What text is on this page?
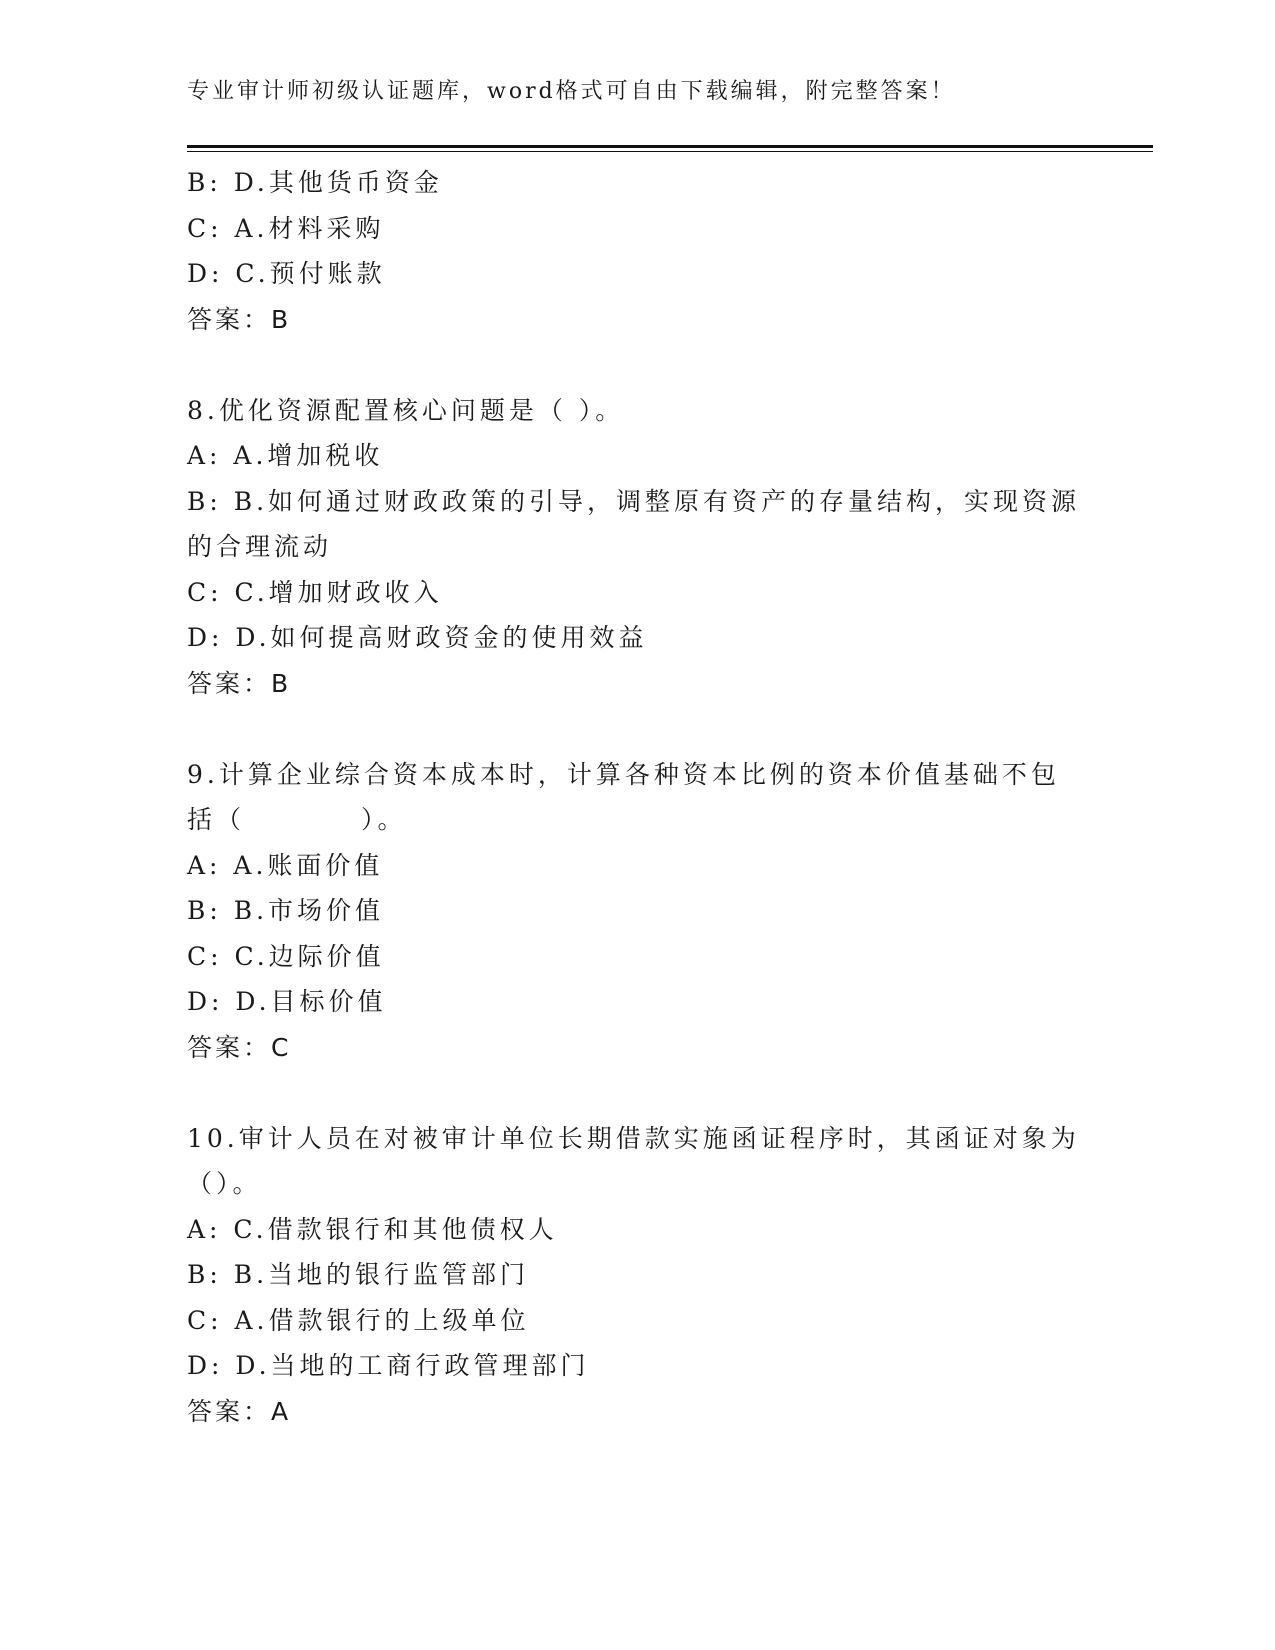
专业审计师初级认证题库，word格式可自由下载编辑，附完整答案！
B: D.其他货币资金
C: A.材料采购
D: C.预付账款
答案：B
8.优化资源配置核心问题是（ ）。
A: A.增加税收
B: B.如何通过财政政策的引导，调整原有资产的存量结构，实现资源
的合理流动
C: C.增加财政收入
D: D.如何提高财政资金的使用效益
答案：B
9.计算企业综合资本成本时，计算各种资本比例的资本价值基础不包
括（　　　　）。
A: A.账面价值
B: B.市场价值
C: C.边际价值
D: D.目标价值
答案：C
10.审计人员在对被审计单位长期借款实施函证程序时，其函证对象为
（）。
A: C.借款银行和其他债权人
B: B.当地的银行监管部门
C: A.借款银行的上级单位
D: D.当地的工商行政管理部门
答案：A
